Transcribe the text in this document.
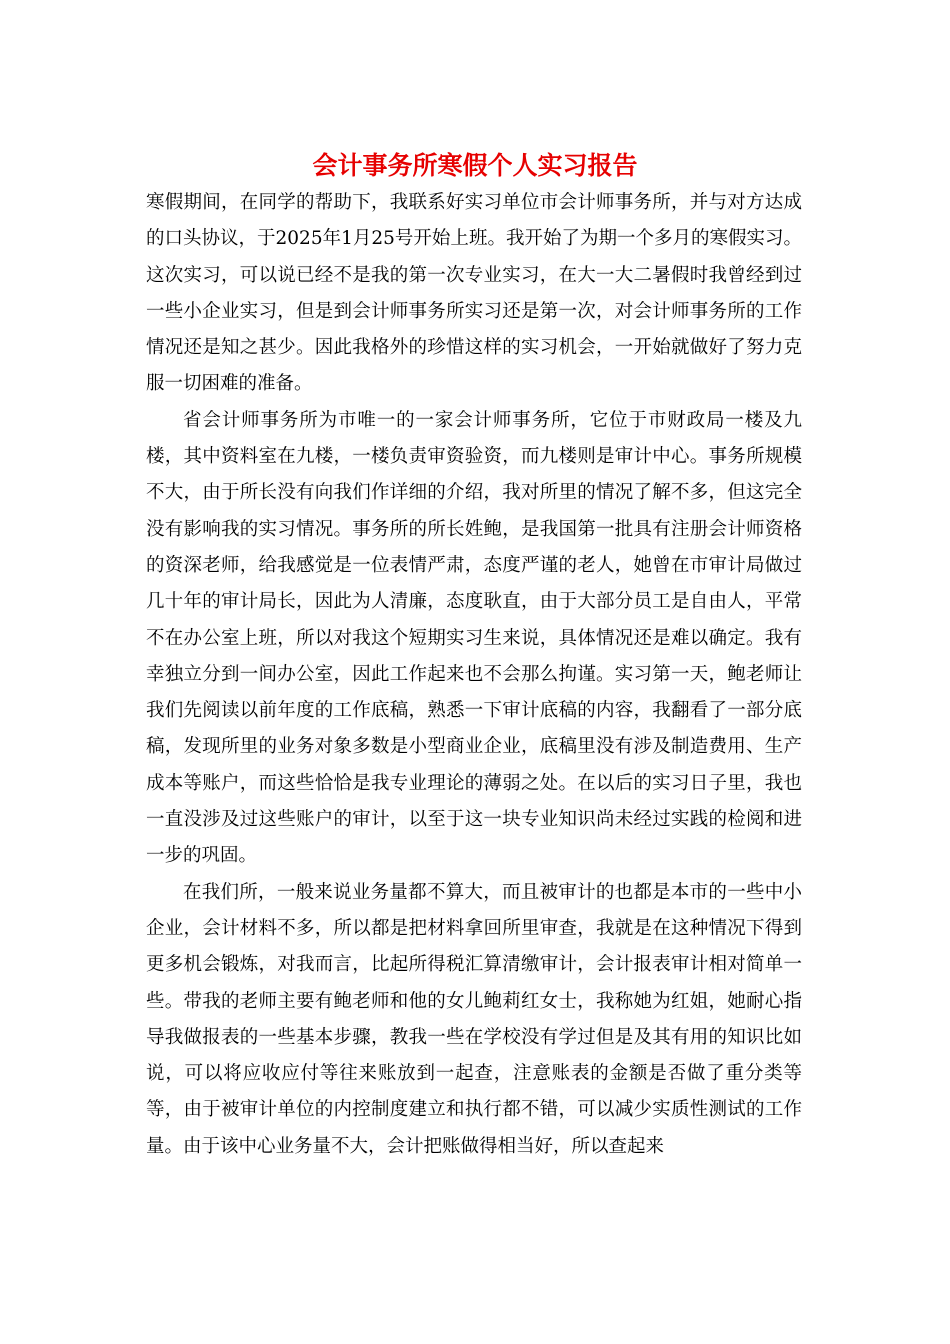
会计事务所寒假个人实习报告

寒假期间，在同学的帮助下，我联系好实习单位市会计师事务所，并与对方达成的口头协议，于2025年1月25号开始上班。我开始了为期一个多月的寒假实习。这次实习，可以说已经不是我的第一次专业实习，在大一大二暑假时我曾经到过一些小企业实习，但是到会计师事务所实习还是第一次，对会计师事务所的工作情况还是知之甚少。因此我格外的珍惜这样的实习机会，一开始就做好了努力克服一切困难的准备。

省会计师事务所为市唯一的一家会计师事务所，它位于市财政局一楼及九楼，其中资料室在九楼，一楼负责审资验资，而九楼则是审计中心。事务所规模不大，由于所长没有向我们作详细的介绍，我对所里的情况了解不多，但这完全没有影响我的实习情况。事务所的所长姓鲍，是我国第一批具有注册会计师资格的资深老师，给我感觉是一位表情严肃，态度严谨的老人，她曾在市审计局做过几十年的审计局长，因此为人清廉，态度耿直，由于大部分员工是自由人，平常不在办公室上班，所以对我这个短期实习生来说，具体情况还是难以确定。我有幸独立分到一间办公室，因此工作起来也不会那么拘谨。实习第一天，鲍老师让我们先阅读以前年度的工作底稿，熟悉一下审计底稿的内容，我翻看了一部分底稿，发现所里的业务对象多数是小型商业企业，底稿里没有涉及制造费用、生产成本等账户，而这些恰恰是我专业理论的薄弱之处。在以后的实习日子里，我也一直没涉及过这些账户的审计，以至于这一块专业知识尚未经过实践的检阅和进一步的巩固。

在我们所，一般来说业务量都不算大，而且被审计的也都是本市的一些中小企业，会计材料不多，所以都是把材料拿回所里审查，我就是在这种情况下得到更多机会锻炼，对我而言，比起所得税汇算清缴审计，会计报表审计相对简单一些。带我的老师主要有鲍老师和他的女儿鲍莉红女士，我称她为红姐，她耐心指导我做报表的一些基本步骤，教我一些在学校没有学过但是及其有用的知识比如说，可以将应收应付等往来账放到一起查，注意账表的金额是否做了重分类等等，由于被审计单位的内控制度建立和执行都不错，可以减少实质性测试的工作量。由于该中心业务量不大，会计把账做得相当好，所以查起来
